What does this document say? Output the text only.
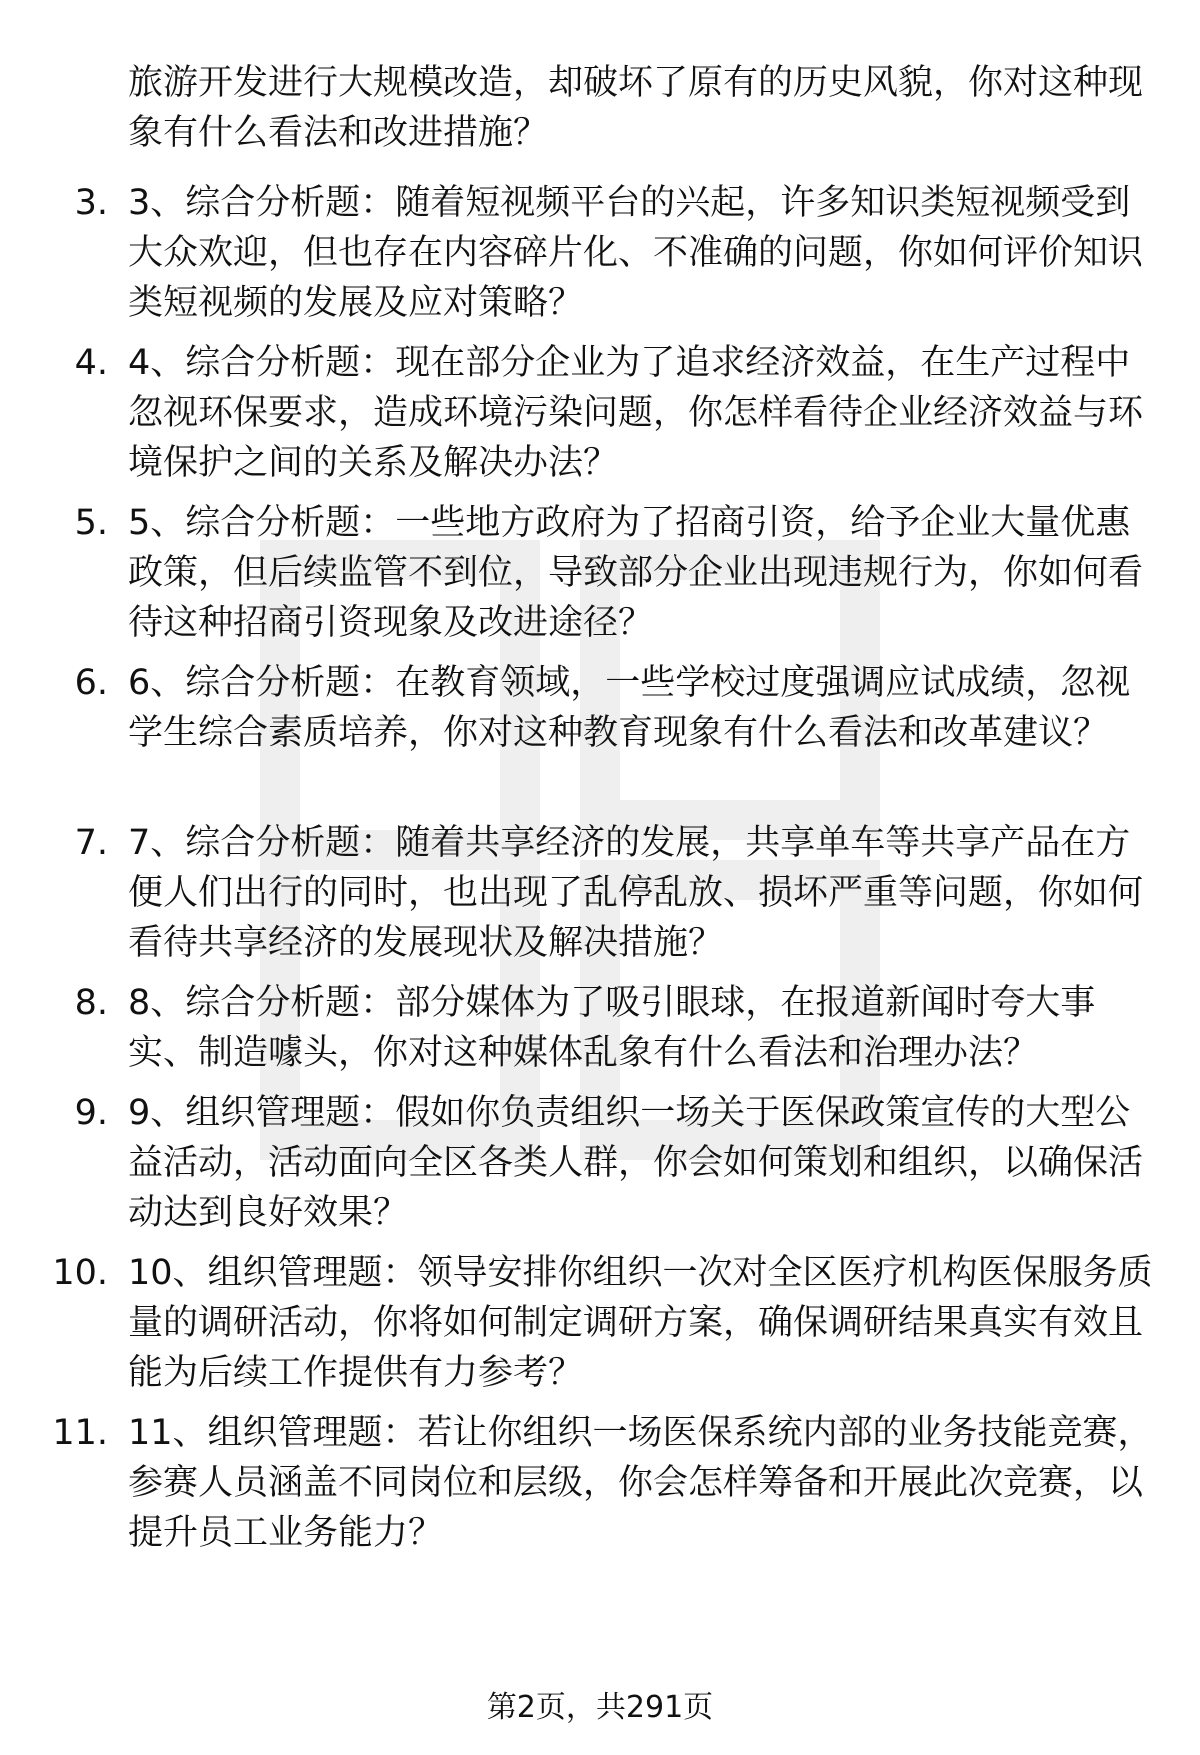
旅游开发进行大规模改造，却破坏了原有的历史风貌，你对这种现象有什么看法和改进措施？
3. 3、综合分析题：随着短视频平台的兴起，许多知识类短视频受到大众欢迎，但也存在内容碎片化、不准确的问题，你如何评价知识类短视频的发展及应对策略？
4. 4、综合分析题：现在部分企业为了追求经济效益，在生产过程中忽视环保要求，造成环境污染问题，你怎样看待企业经济效益与环境保护之间的关系及解决办法？
5. 5、综合分析题：一些地方政府为了招商引资，给予企业大量优惠政策，但后续监管不到位，导致部分企业出现违规行为，你如何看待这种招商引资现象及改进途径？
6. 6、综合分析题：在教育领域，一些学校过度强调应试成绩，忽视学生综合素质培养，你对这种教育现象有什么看法和改革建议？
7. 7、综合分析题：随着共享经济的发展，共享单车等共享产品在方便人们出行的同时，也出现了乱停乱放、损坏严重等问题，你如何看待共享经济的发展现状及解决措施？
8. 8、综合分析题：部分媒体为了吸引眼球，在报道新闻时夸大事实、制造噱头，你对这种媒体乱象有什么看法和治理办法？
9. 9、组织管理题：假如你负责组织一场关于医保政策宣传的大型公益活动，活动面向全区各类人群，你会如何策划和组织，以确保活动达到良好效果？
10. 10、组织管理题：领导安排你组织一次对全区医疗机构医保服务质量的调研活动，你将如何制定调研方案，确保调研结果真实有效且能为后续工作提供有力参考？
11. 11、组织管理题：若让你组织一场医保系统内部的业务技能竞赛，参赛人员涵盖不同岗位和层级，你会怎样筹备和开展此次竞赛，以提升员工业务能力？
第2页，共291页
